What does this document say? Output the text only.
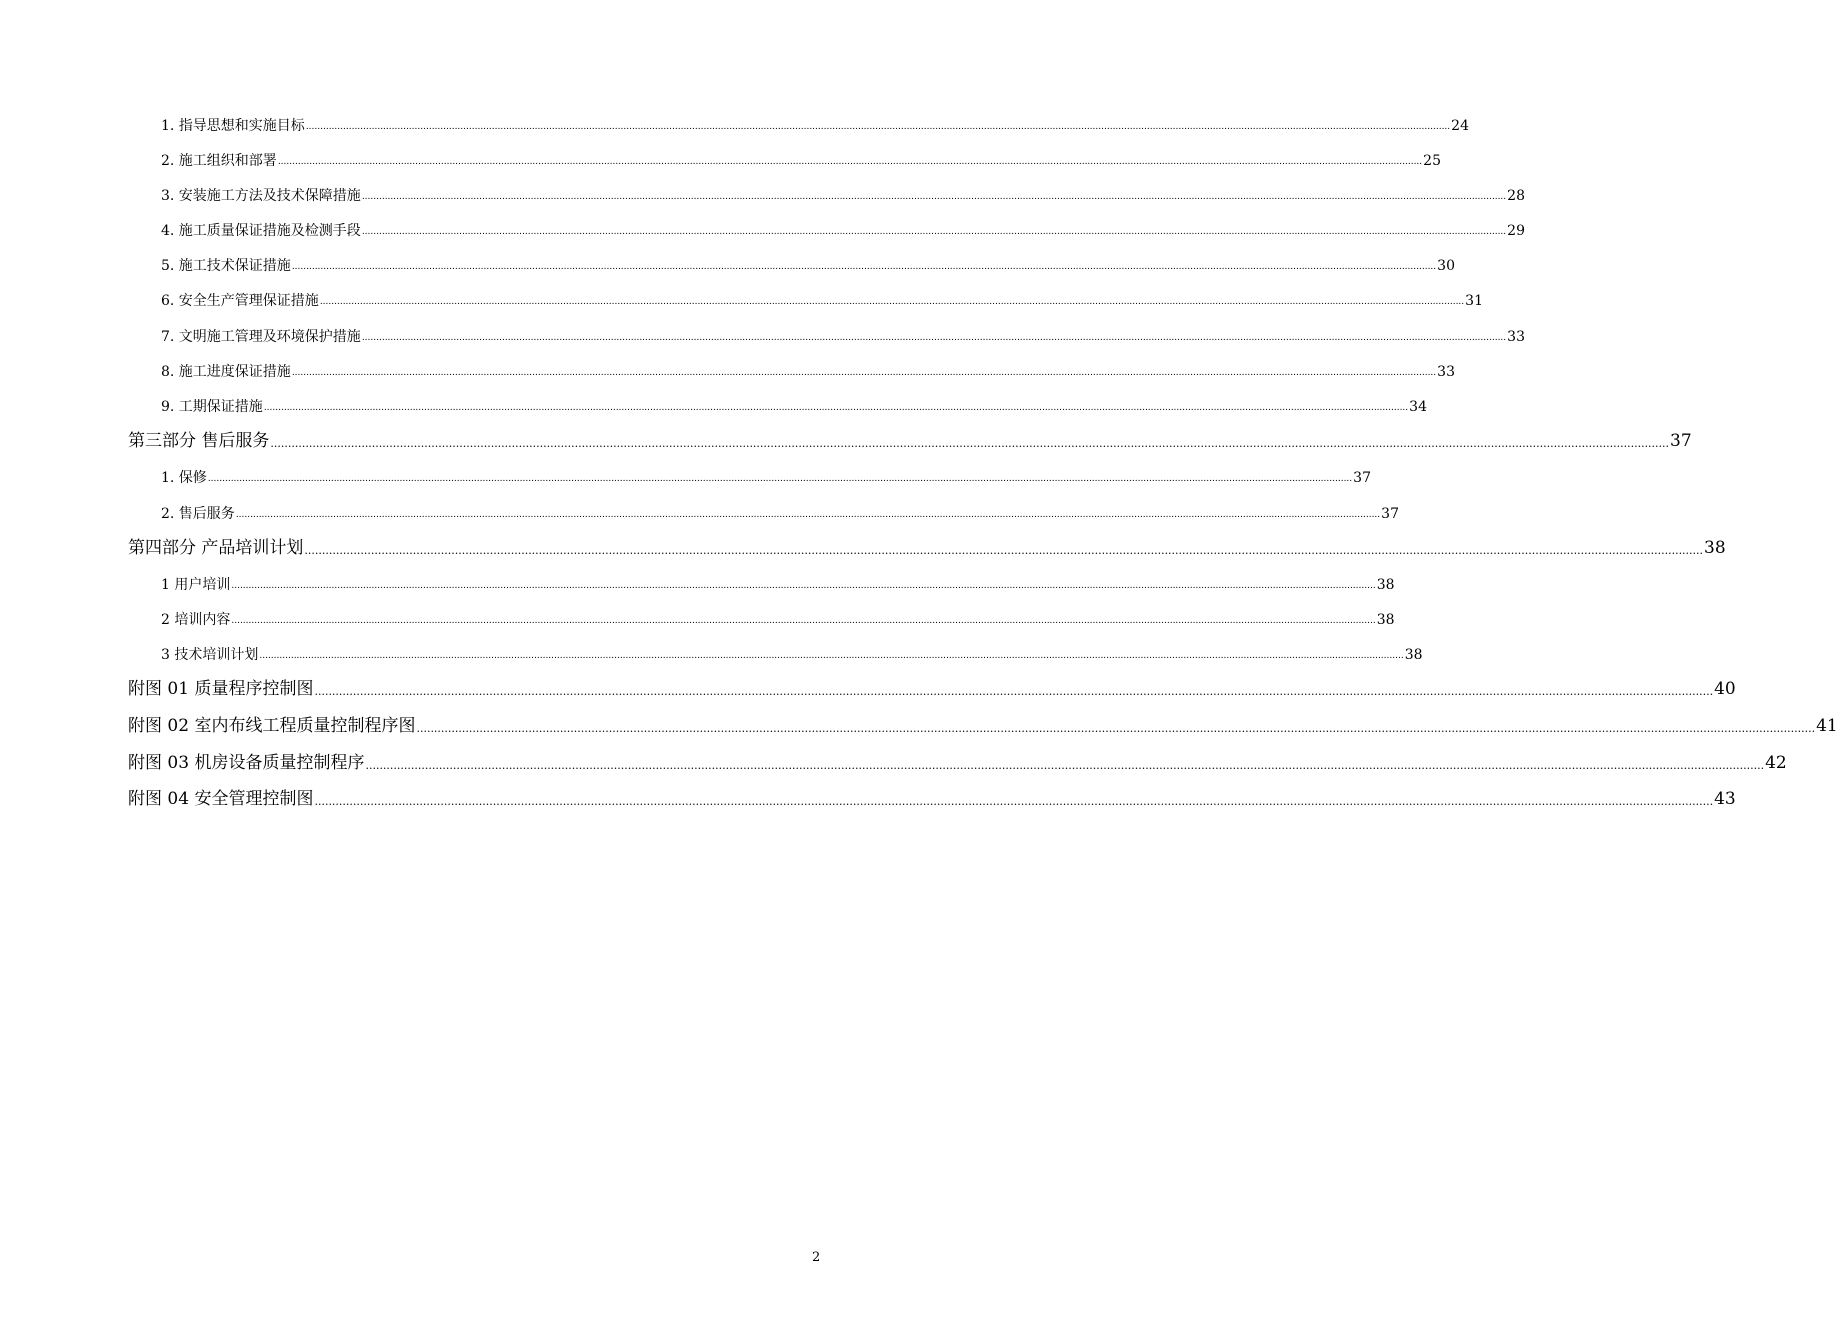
1. 指导思想和实施目标 ................................................................................................................................................................................................................................................................................................................................................................................................................ 24
2. 施工组织和部署 ................................................................................................................................................................................................................................................................................................................................................................................................................ 25
3. 安装施工方法及技术保障措施 ................................................................................................................................................................................................................................................................................................................................................................................................................ 28
4. 施工质量保证措施及检测手段 ................................................................................................................................................................................................................................................................................................................................................................................................................ 29
5. 施工技术保证措施 ................................................................................................................................................................................................................................................................................................................................................................................................................ 30
6. 安全生产管理保证措施 ................................................................................................................................................................................................................................................................................................................................................................................................................ 31
7. 文明施工管理及环境保护措施 ................................................................................................................................................................................................................................................................................................................................................................................................................ 33
8. 施工进度保证措施 ................................................................................................................................................................................................................................................................................................................................................................................................................ 33
9. 工期保证措施 ................................................................................................................................................................................................................................................................................................................................................................................................................ 34
第三部分 售后服务 ................................................................................................................................................................................................................................................................................................................................................................................................................ 37
1. 保修 ................................................................................................................................................................................................................................................................................................................................................................................................................ 37
2. 售后服务 ................................................................................................................................................................................................................................................................................................................................................................................................................ 37
第四部分 产品培训计划 ................................................................................................................................................................................................................................................................................................................................................................................................................ 38
1 用户培训 ................................................................................................................................................................................................................................................................................................................................................................................................................ 38
2 培训内容 ................................................................................................................................................................................................................................................................................................................................................................................................................ 38
3 技术培训计划 ................................................................................................................................................................................................................................................................................................................................................................................................................ 38
附图 01 质量程序控制图 ................................................................................................................................................................................................................................................................................................................................................................................................................ 40
附图 02 室内布线工程质量控制程序图 ................................................................................................................................................................................................................................................................................................................................................................................................................ 41
附图 03 机房设备质量控制程序 ................................................................................................................................................................................................................................................................................................................................................................................................................ 42
附图 04 安全管理控制图 ................................................................................................................................................................................................................................................................................................................................................................................................................ 43
2
